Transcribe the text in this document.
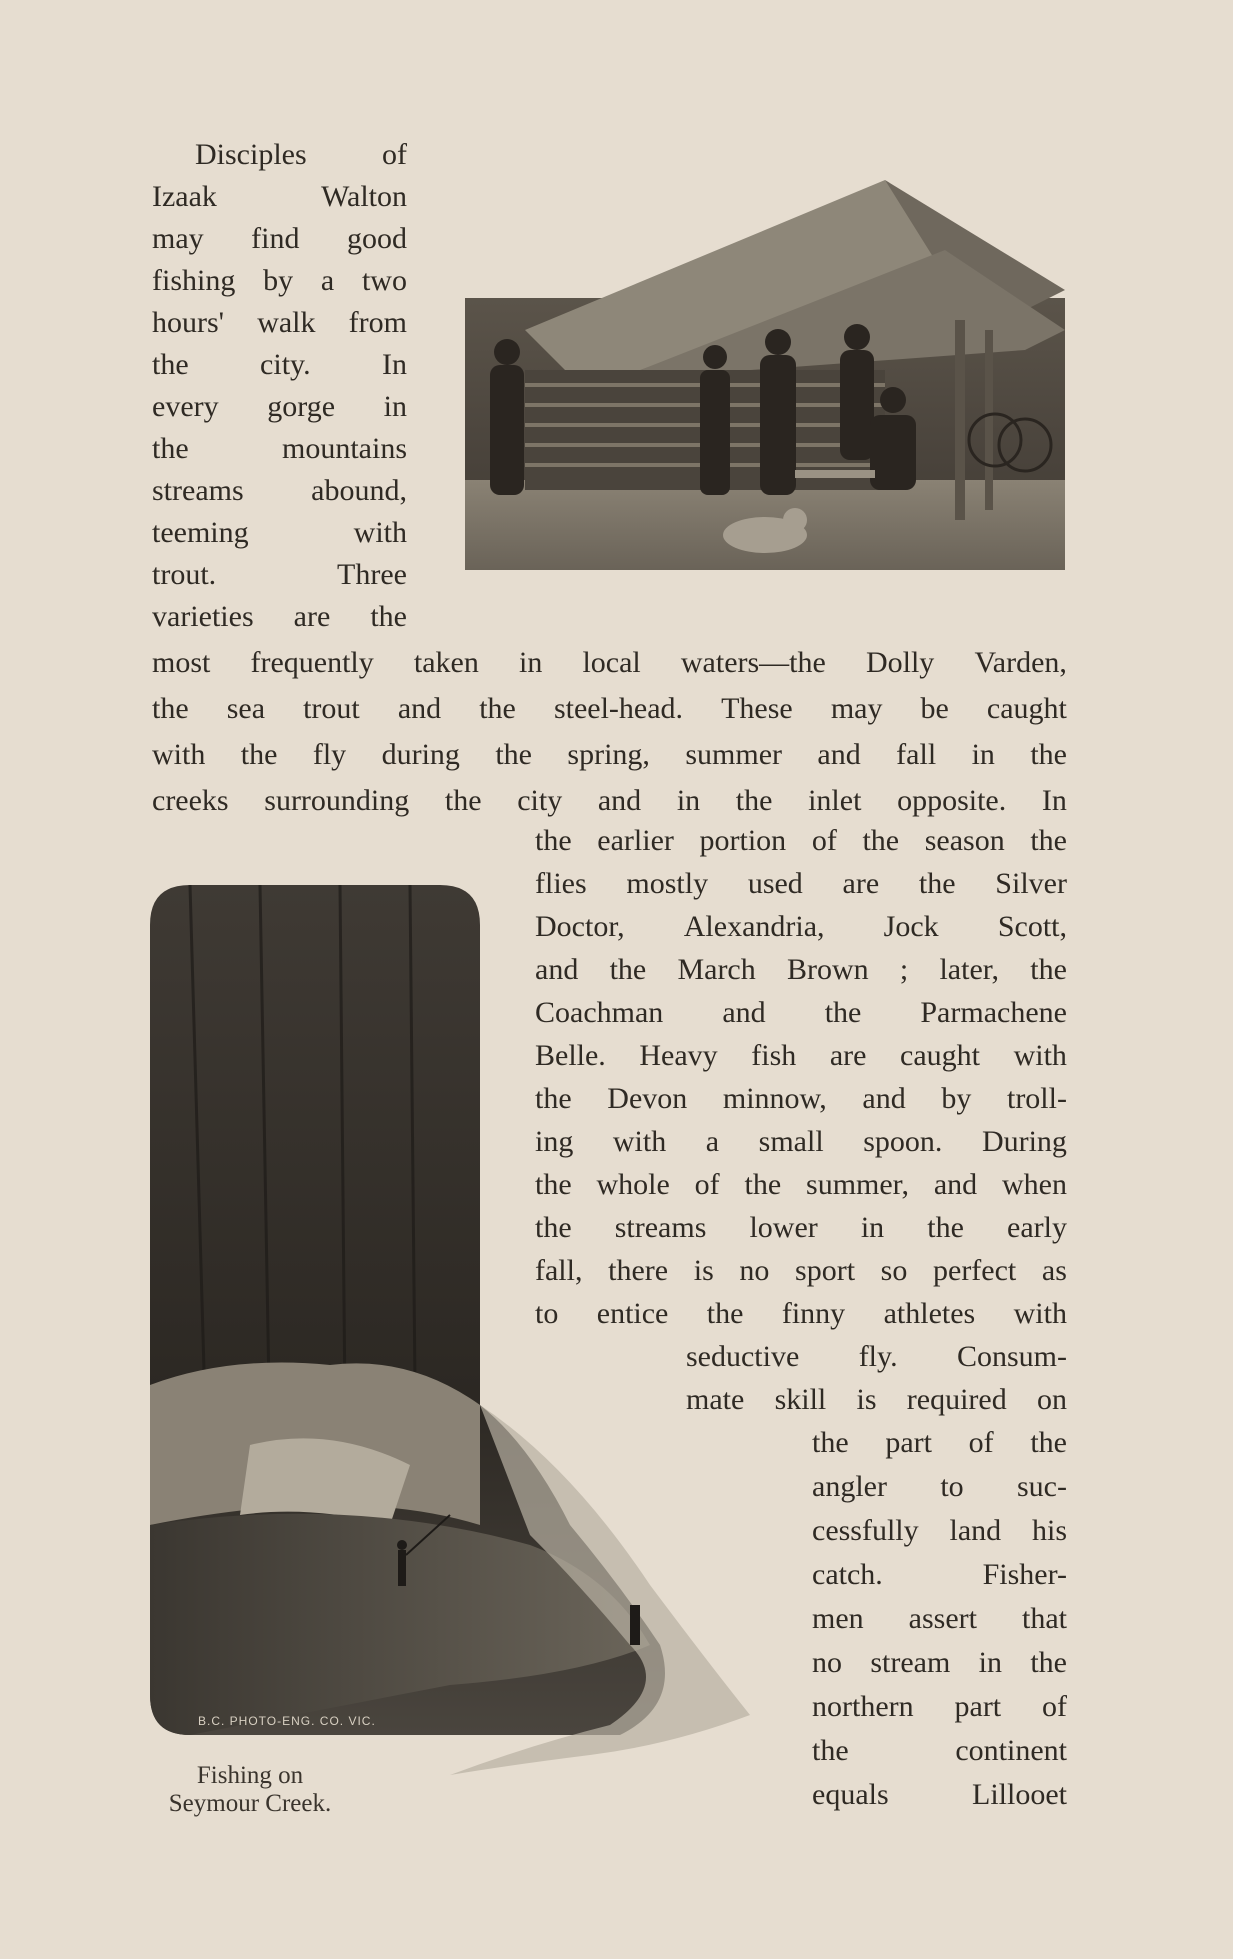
B.C. PHOTO-ENG. CO. VIC.
Disciples	of
Izaak	Walton
may find good
fishing by a two
hours' walk from
the city. In
every gorge in
the	mountains
streams abound,
teeming	with
trout.	Three
varieties are the
most frequently taken in local waters—the Dolly Varden,
the sea trout and the steel-head. These may be caught
with the fly during the spring, summer and fall in the
creeks surrounding the city and in the inlet opposite. In
the earlier portion of the season the
flies mostly used are the Silver
Doctor, Alexandria, Jock Scott,
and the March Brown ; later, the
Coachman and the Parmachene
Belle. Heavy fish are caught with
the Devon minnow, and by troll-
ing with a small spoon. During
the whole of the summer, and when
the streams lower in the early
fall, there is no sport so perfect as
to entice the finny athletes with
seductive fly. Consum-
mate skill is required on
the part of the
angler to suc-
cessfully land his
catch.	Fisher-
men assert that
no stream in the
northern part of
the	continent
equals	Lillooet
Fishing on
Seymour Creek.
